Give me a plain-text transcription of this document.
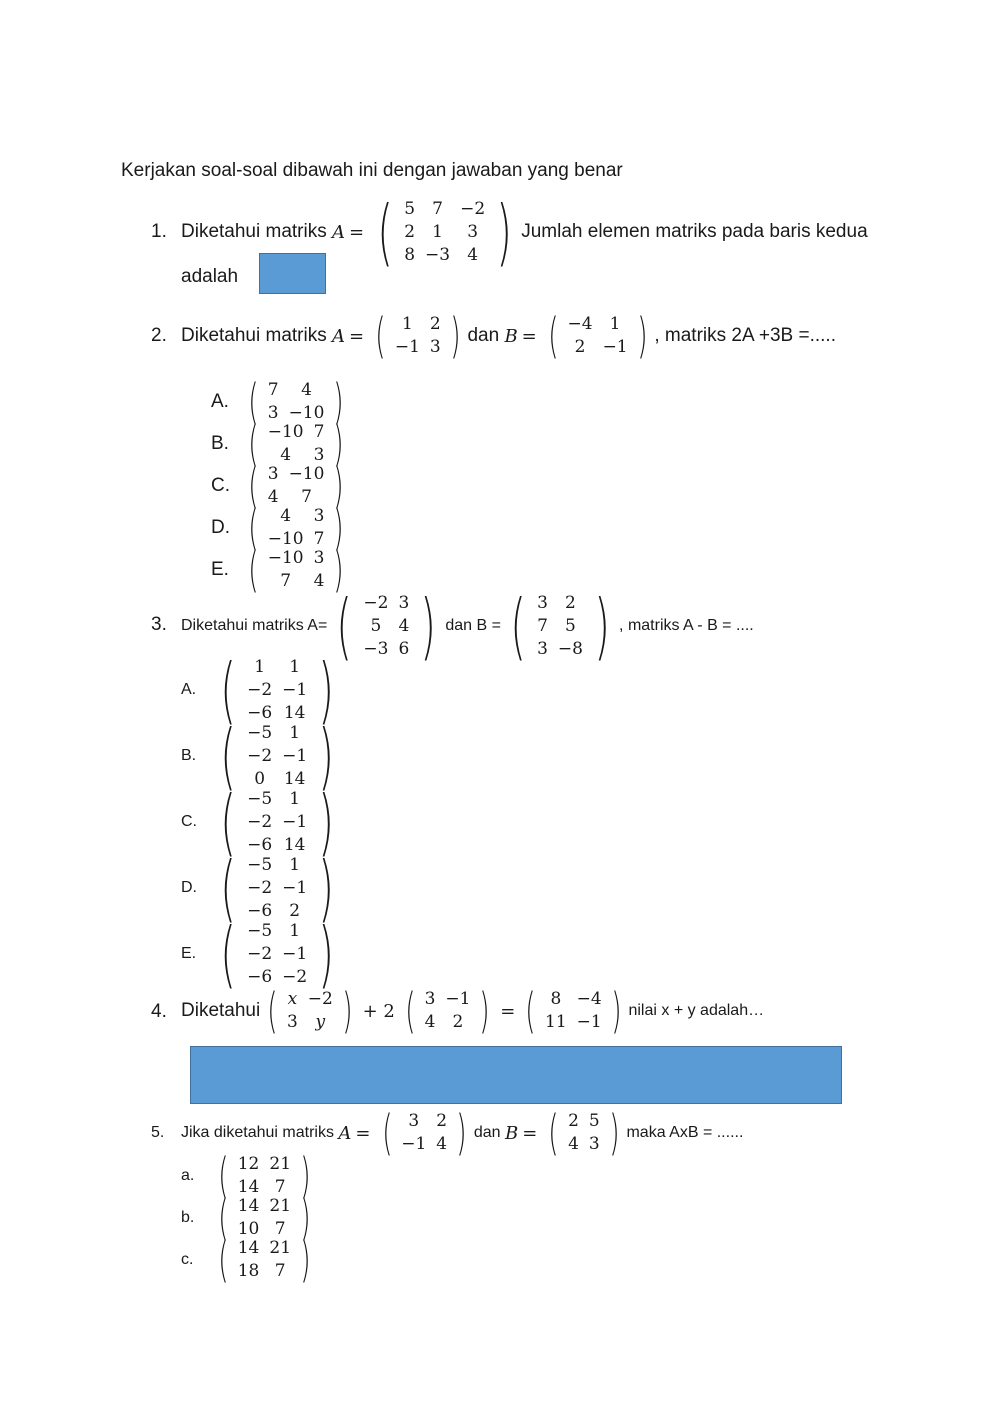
Kerjakan soal-soal dibawah ini dengan jawaban yang benar
1. Diketahui matriks
A = ( 5	7	−2
2	1	3
8	−3	4 ) Jumlah elemen matriks pada baris kedua
adalah
2. Diketahui matriks
A = ( 1	2
−1	3 ) dan
B = ( −4	1
2	−1 ) , matriks 2A +3B =.....
A. ( 7	4
3	−10 )
B. ( −10	7
4	3 )
C. ( 3	−10
4	7 )
D. ( 4	3
−10	7 )
E. ( −10	3
7	4 )
3. Diketahui matriks A= ( −2	3
5	4
−3	6 ) dan B = ( 3	2
7	5
3	−8 ) , matriks A - B = ....
A. ( 1	1
−2	−1
−6	14 )
B. ( −5	1
−2	−1
0	14 )
C. ( −5	1
−2	−1
−6	14 )
D. ( −5	1
−2	−1
−6	2 )
E. ( −5	1
−2	−1
−6	−2 )
4. Diketahui ( x	−2
3	y ) + 2 ( 3	−1
4	2 ) = ( 8	−4
11	−1 ) nilai x + y adalah…
5. Jika diketahui matriks
A = ( 3	2
−1	4 ) dan
B = ( 2	5
4	3 ) maka AxB = ......
a. ( 12	21
14	7 )
b. ( 14	21
10	7 )
c. ( 14	21
18	7 )
